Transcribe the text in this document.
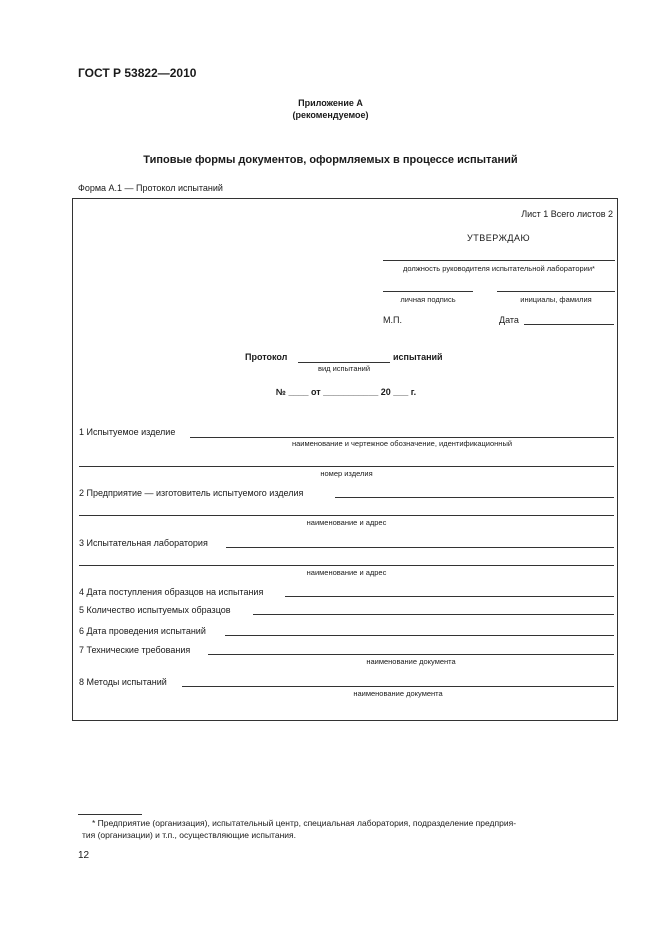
ГОСТ Р 53822—2010
Приложение А
(рекомендуемое)
Типовые формы документов, оформляемых в процессе испытаний
Форма А.1 — Протокол испытаний
Лист 1 Всего листов 2
УТВЕРЖДАЮ
должность руководителя испытательной лаборатории*
личная подпись	инициалы, фамилия
М.П.	Дата
Протокол	испытаний
вид испытаний
№ ____ от ___________ 20 ___ г.
1 Испытуемое изделие
наименование и чертежное обозначение, идентификационный
номер изделия
2 Предприятие — изготовитель испытуемого изделия
наименование и адрес
3 Испытательная лаборатория
наименование и адрес
4 Дата поступления образцов на испытания
5 Количество испытуемых образцов
6 Дата проведения испытаний
7 Технические требования
наименование документа
8 Методы испытаний
наименование документа
* Предприятие (организация), испытательный центр, специальная лаборатория, подразделение предприя-
тия (организации) и т.п., осуществляющие испытания.
12
